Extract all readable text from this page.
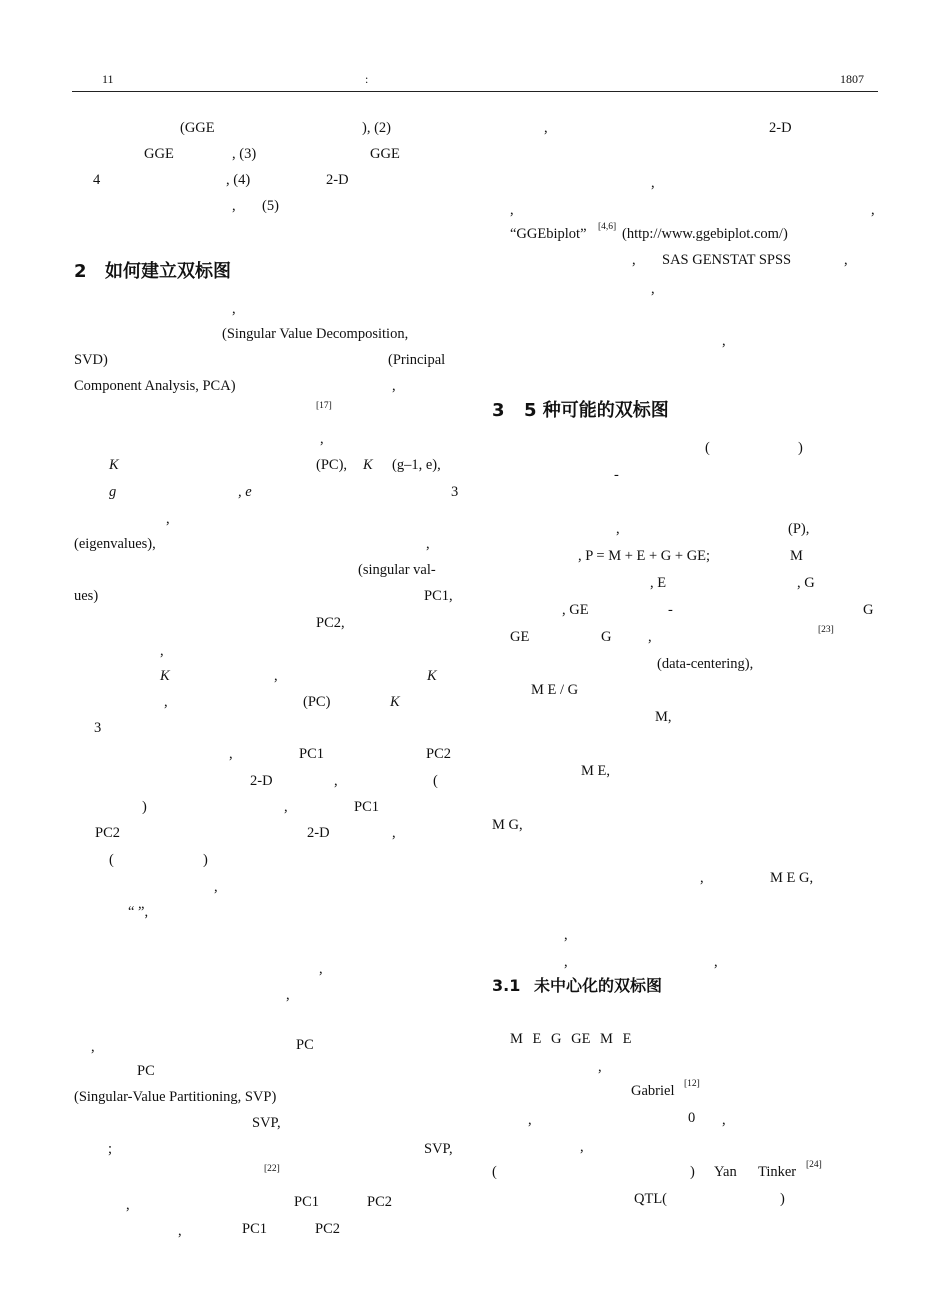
11	:	1807
(GGE	), (2)
GGE	, (3)	GGE
4	, (4)	2-D
, (5)
2 如何建立双标图
,
(Singular Value Decomposition,
SVD)	(Principal
Component Analysis, PCA)	,
[17]
,
K	(PC), K (g–1, e),
g	, e	3
,
(eigenvalues),	,
(singular val-
ues)	PC1,
PC2,
,
K	,	K
,	(PC)	K
3
,	PC1	PC2
2-D	,	(
)	,	PC1
PC2	2-D	,
(	)
,
“ ”,
,
,
,	PC
PC
(Singular-Value Partitioning, SVP)
SVP,
;	SVP,
[22]
,	PC1	PC2
,	PC1	PC2
,	2-D
,
,	,
“GGEbiplot” [4,6] (http://www.ggebiplot.com/)
, SAS GENSTAT SPSS	,
,
,
3 5 种可能的双标图
(	)
-
,	(P),
, P = M + E + G + GE;	M
, E	, G
, GE	-	G
GE	G	,	[23]
(data-centering),
M E / G
M,
M E,
M G,
,	M E G,
,
,	,
3.1 未中心化的双标图
M E G GE M E
,
Gabriel [12]
,	0 ,
,
(	) Yan Tinker [24]
QTL(	)
